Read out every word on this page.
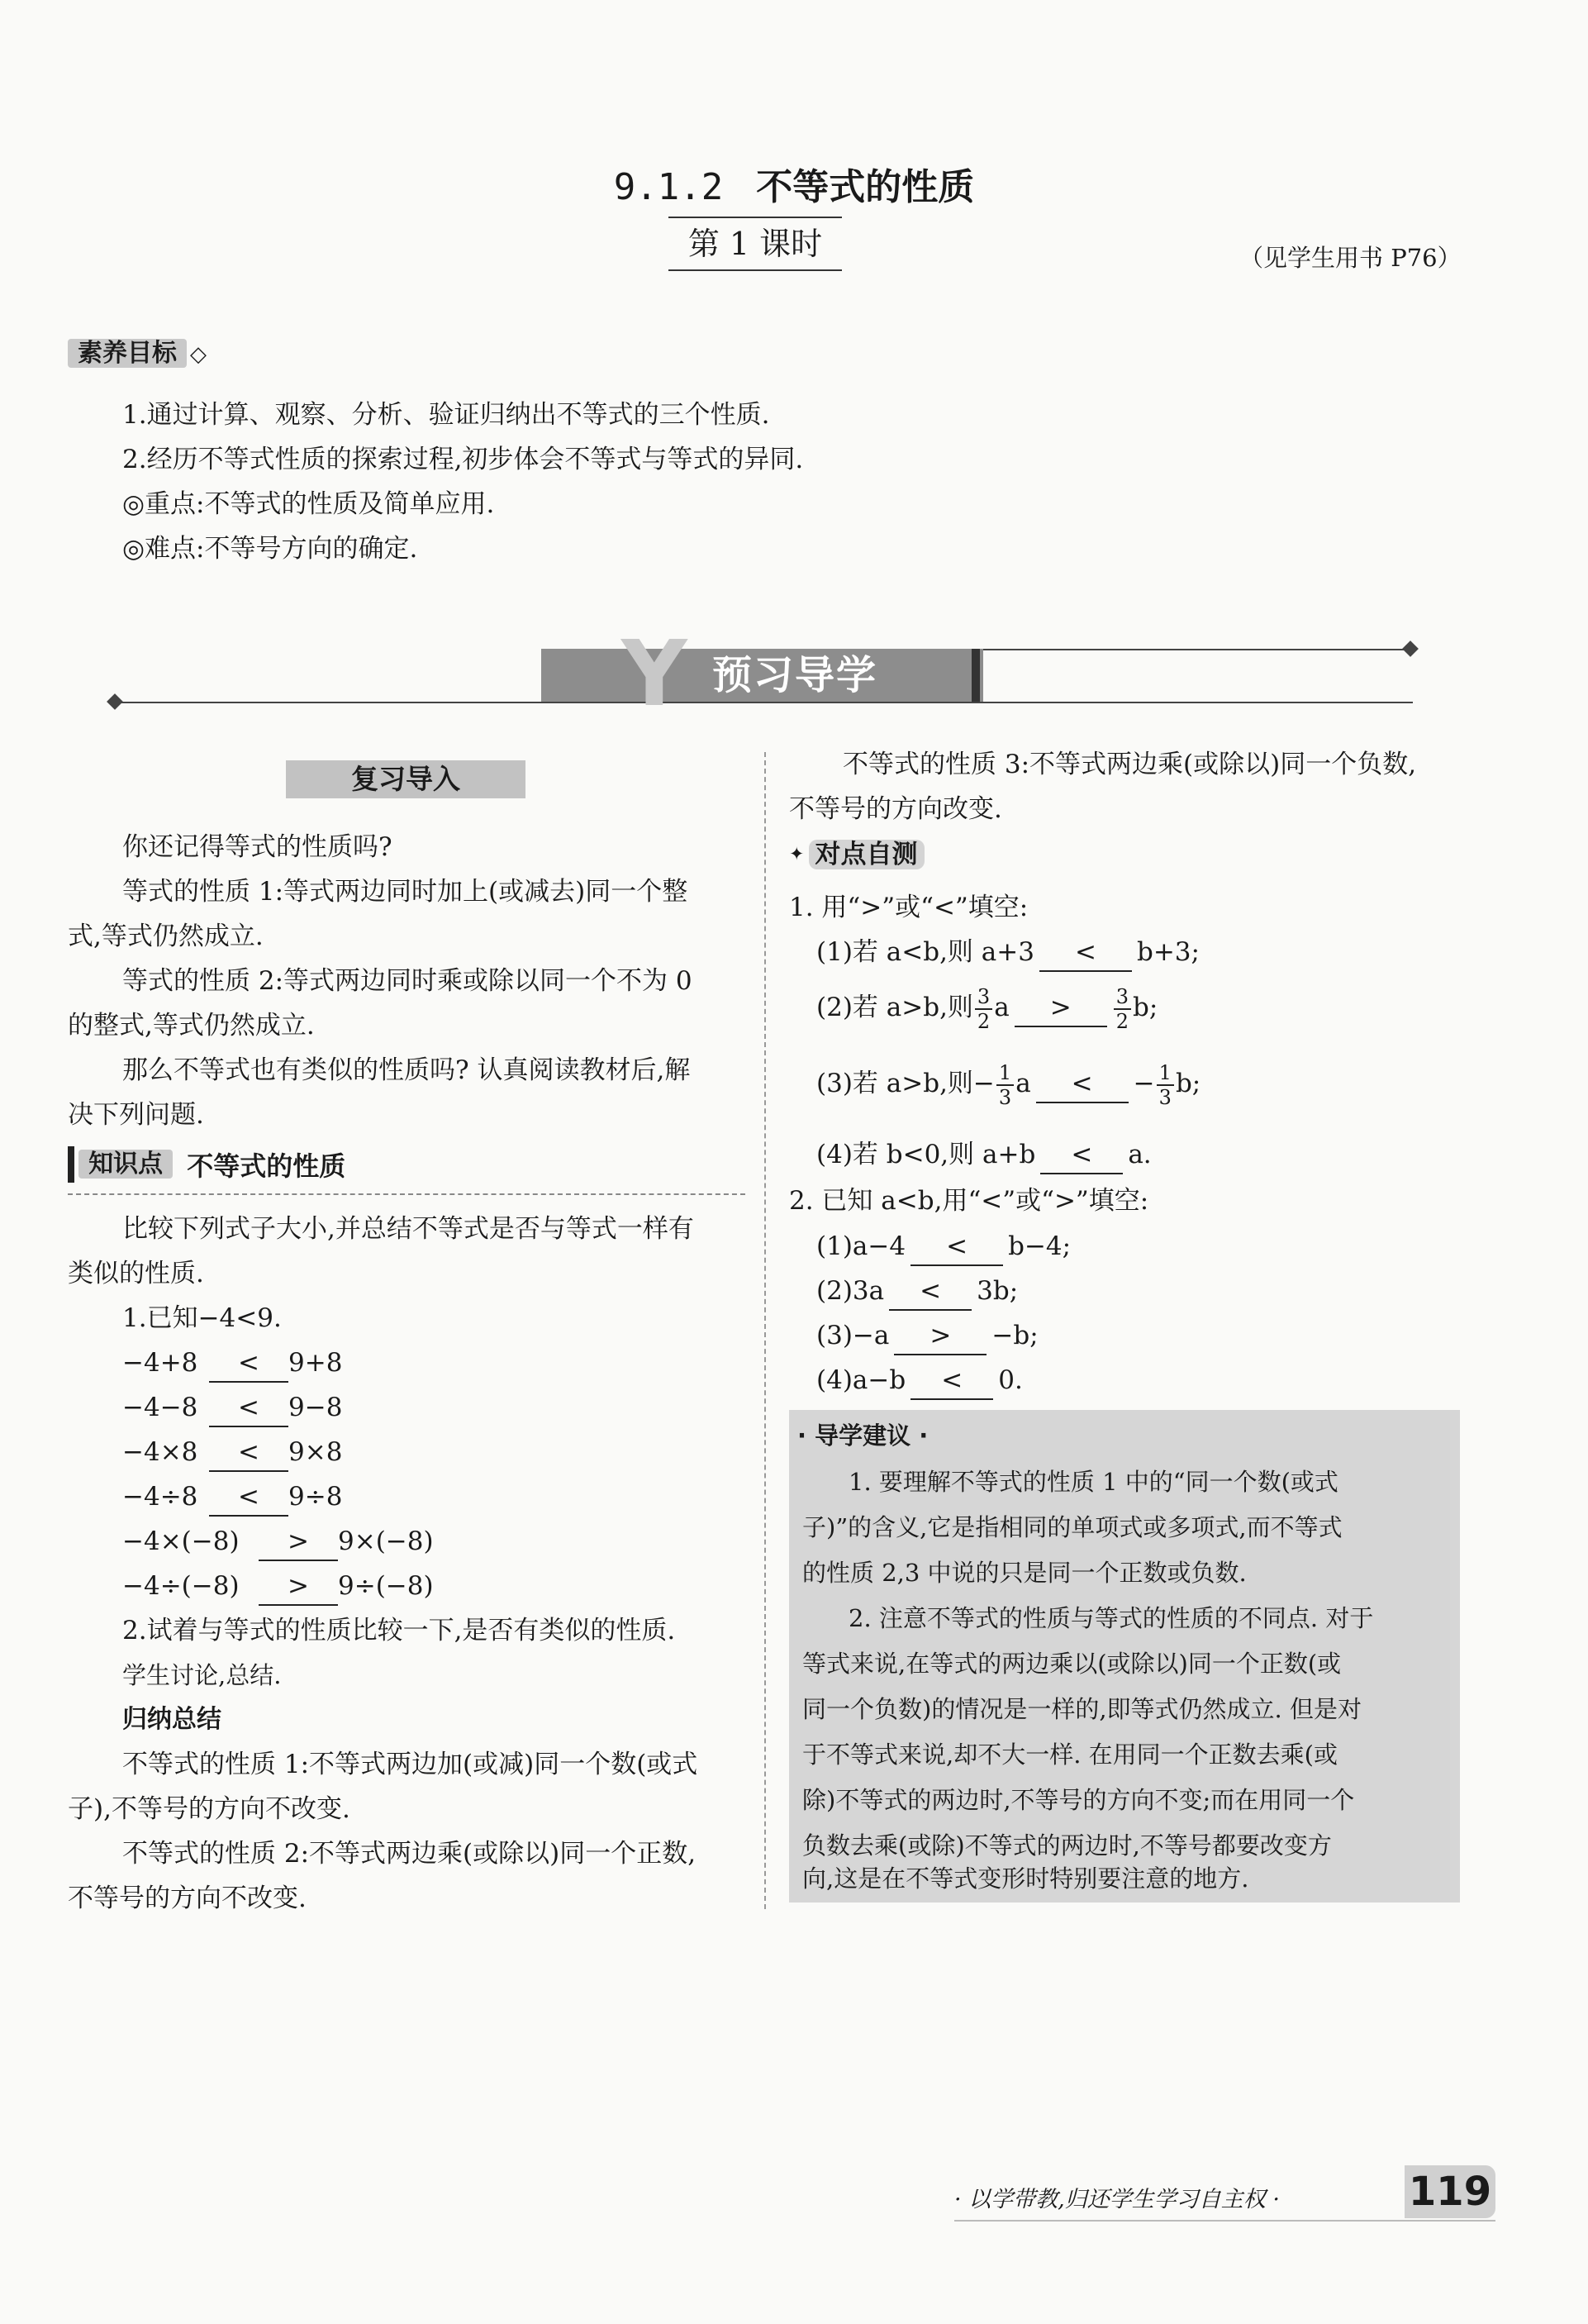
9.1.2 不等式的性质
第 1 课时	（见学生用书 P76）
素养目标 ◇
1.通过计算、观察、分析、验证归纳出不等式的三个性质.
2.经历不等式性质的探索过程,初步体会不等式与等式的异同.
◎重点:不等式的性质及简单应用.
◎难点:不等号方向的确定.
Y 预习导学
复习导入
你还记得等式的性质吗?
等式的性质 1:等式两边同时加上(或减去)同一个整
式,等式仍然成立.
等式的性质 2:等式两边同时乘或除以同一个不为 0
的整式,等式仍然成立.
那么不等式也有类似的性质吗? 认真阅读教材后,解
决下列问题.
知识点 不等式的性质
比较下列式子大小,并总结不等式是否与等式一样有
类似的性质.
1.已知−4<9.
−4+8 < 9+8
−4−8 < 9−8
−4×8 < 9×8
−4÷8 < 9÷8
−4×(−8) > 9×(−8)
−4÷(−8) > 9÷(−8)
2.试着与等式的性质比较一下,是否有类似的性质.
学生讨论,总结.
归纳总结
不等式的性质 1:不等式两边加(或减)同一个数(或式
子),不等号的方向不改变.
不等式的性质 2:不等式两边乘(或除以)同一个正数,
不等号的方向不改变.
不等式的性质 3:不等式两边乘(或除以)同一个负数,
不等号的方向改变.
✦ 对点自测
1. 用“>”或“<”填空:
(1)若 a<b,则 a+3 < b+3;
(2)若 a>b,则 $\frac{3}{2}$ $a > \frac{3}{2} b$;
(3)若 a>b,则− $\frac{1}{3}$ a < − $\frac{1}{3} b$;
(4)若 b<0,则 a+b < a.
2. 已知 a<b,用“<”或“>”填空:
(1)a−4 < b−4;
(2)3a < 3b;
(3)−a > −b;
(4)a−b < 0.
· 导学建议 ·
1. 要理解不等式的性质 1 中的“同一个数(或式
子)”的含义,它是指相同的单项式或多项式,而不等式
的性质 2,3 中说的只是同一个正数或负数.
2. 注意不等式的性质与等式的性质的不同点. 对于
等式来说,在等式的两边乘以(或除以)同一个正数(或
同一个负数)的情况是一样的,即等式仍然成立. 但是对
于不等式来说,却不大一样. 在用同一个正数去乘(或
除)不等式的两边时,不等号的方向不变;而在用同一个
负数去乘(或除)不等式的两边时,不等号都要改变方
向,这是在不等式变形时特别要注意的地方.
· 以学带教,归还学生学习自主权 ·	119
